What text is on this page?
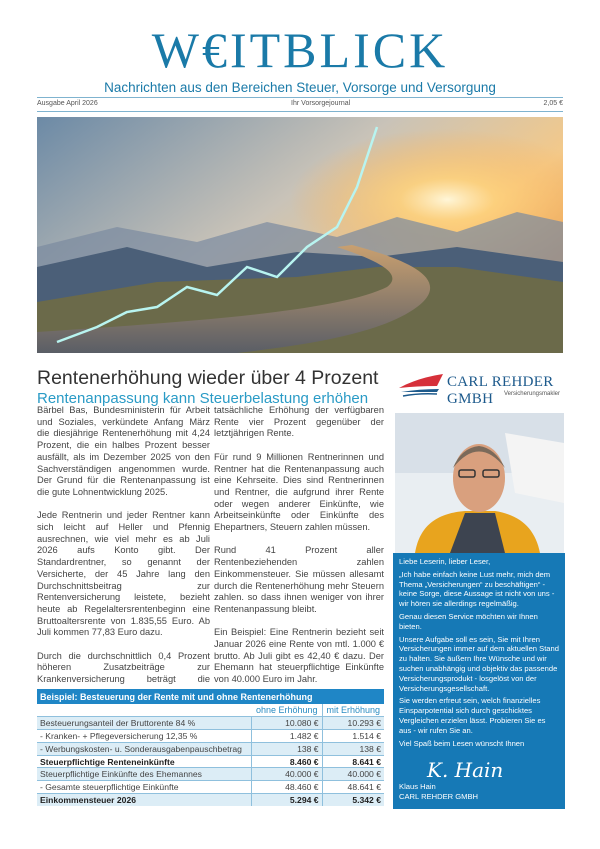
W€ITBLICK
Nachrichten aus den Bereichen Steuer, Vorsorge und Versorgung
Ausgabe April 2026	Ihr Vorsorgejournal	2,05 €
Rentenerhöhung wieder über 4 Prozent
Rentenanpassung kann Steuerbelastung erhöhen

Bärbel Bas, Bundesministerin für Arbeit und Soziales, verkündete Anfang März die diesjährige Rentenerhöhung mit 4,24 Prozent, die ein halbes Prozent besser ausfällt, als im Dezember 2025 von den Sachverständigen angenommen wurde. Der Grund für die Rentenanpassung ist die gute Lohnentwicklung 2025.

Jede Rentnerin und jeder Rentner kann sich leicht auf Heller und Pfennig ausrechnen, wie viel mehr es ab Juli 2026 aufs Konto gibt. Der Standardrentner, so genannt der Versicherte, der 45 Jahre lang den Durchschnittsbeitrag zur Rentenversicherung leistete, bezieht heute ab Regelaltersrentenbeginn eine Bruttoaltersrente von 1.835,55 Euro. Ab Juli kommen 77,83 Euro dazu.

Durch die durchschnittlich 0,4 Prozent höheren Zusatzbeiträge zur Krankenversicherung beträgt die

tatsächliche Erhöhung der verfügbaren Rente vier Prozent gegenüber der letztjährigen Rente.

Für rund 9 Millionen Rentnerinnen und Rentner hat die Rentenanpassung auch eine Kehrseite. Dies sind Rentnerinnen und Rentner, die aufgrund ihrer Rente oder wegen anderer Einkünfte, wie Arbeitseinkünfte oder Einkünfte des Ehepartners, Steuern zahlen müssen.

Rund 41 Prozent aller Rentenbeziehenden zahlen Einkommensteuer. Sie müssen allesamt durch die Rentenerhöhung mehr Steuern zahlen. so dass ihnen weniger von ihrer Rentenanpassung bleibt.

Ein Beispiel: Eine Rentnerin bezieht seit Januar 2026 eine Rente von mtl. 1.000 € brutto. Ab Juli gibt es 42,40 € dazu. Der Ehemann hat steuerpflichtige Einkünfte von 40.000 Euro im Jahr.

Beispiel: Besteuerung der Rente mit und ohne Rentenerhöhung		
	ohne Erhöhung	mit Erhöhung
Besteuerungsanteil der Bruttorente 84 %	10.080 €	10.293 €
- Kranken- + Pflegeversicherung 12,35 %	1.482 €	1.514 €
- Werbungskosten- u. Sonderausgabenpauschbetrag	138 €	138 €
Steuerpflichtige Renteneinkünfte	8.460 €	8.641 €
Steuerpflichtige Einkünfte des Ehemannes	40.000 €	40.000 €
- Gesamte steuerpflichtige Einkünfte	48.460 €	48.641 €
Einkommensteuer 2026	5.294 €	5.342 €
CARL REHDER GMBH	Versicherungsmakler

Liebe Leserin, lieber Leser,

„Ich habe einfach keine Lust mehr, mich dem Thema „Versicherungen“ zu beschäftigen“ - keine Sorge, diese Aussage ist nicht von uns - wir hören sie allerdings regelmäßig.

Genau diesen Service möchten wir Ihnen bieten.

Unsere Aufgabe soll es sein, Sie mit Ihren Versicherungen immer auf dem aktuellen Stand zu halten. Sie äußern Ihre Wünsche und wir suchen unabhängig und objektiv das passende Versicherungsprodukt - losgelöst von der Versicherungsgesellschaft.

Sie werden erfreut sein, welch finanzielles Einsparpotential sich durch geschicktes Vergleichen erzielen lässt. Probieren Sie es aus - wir rufen Sie an.

Viel Spaß beim Lesen wünscht Ihnen

K. Hain
Klaus Hain
CARL REHDER GMBH
